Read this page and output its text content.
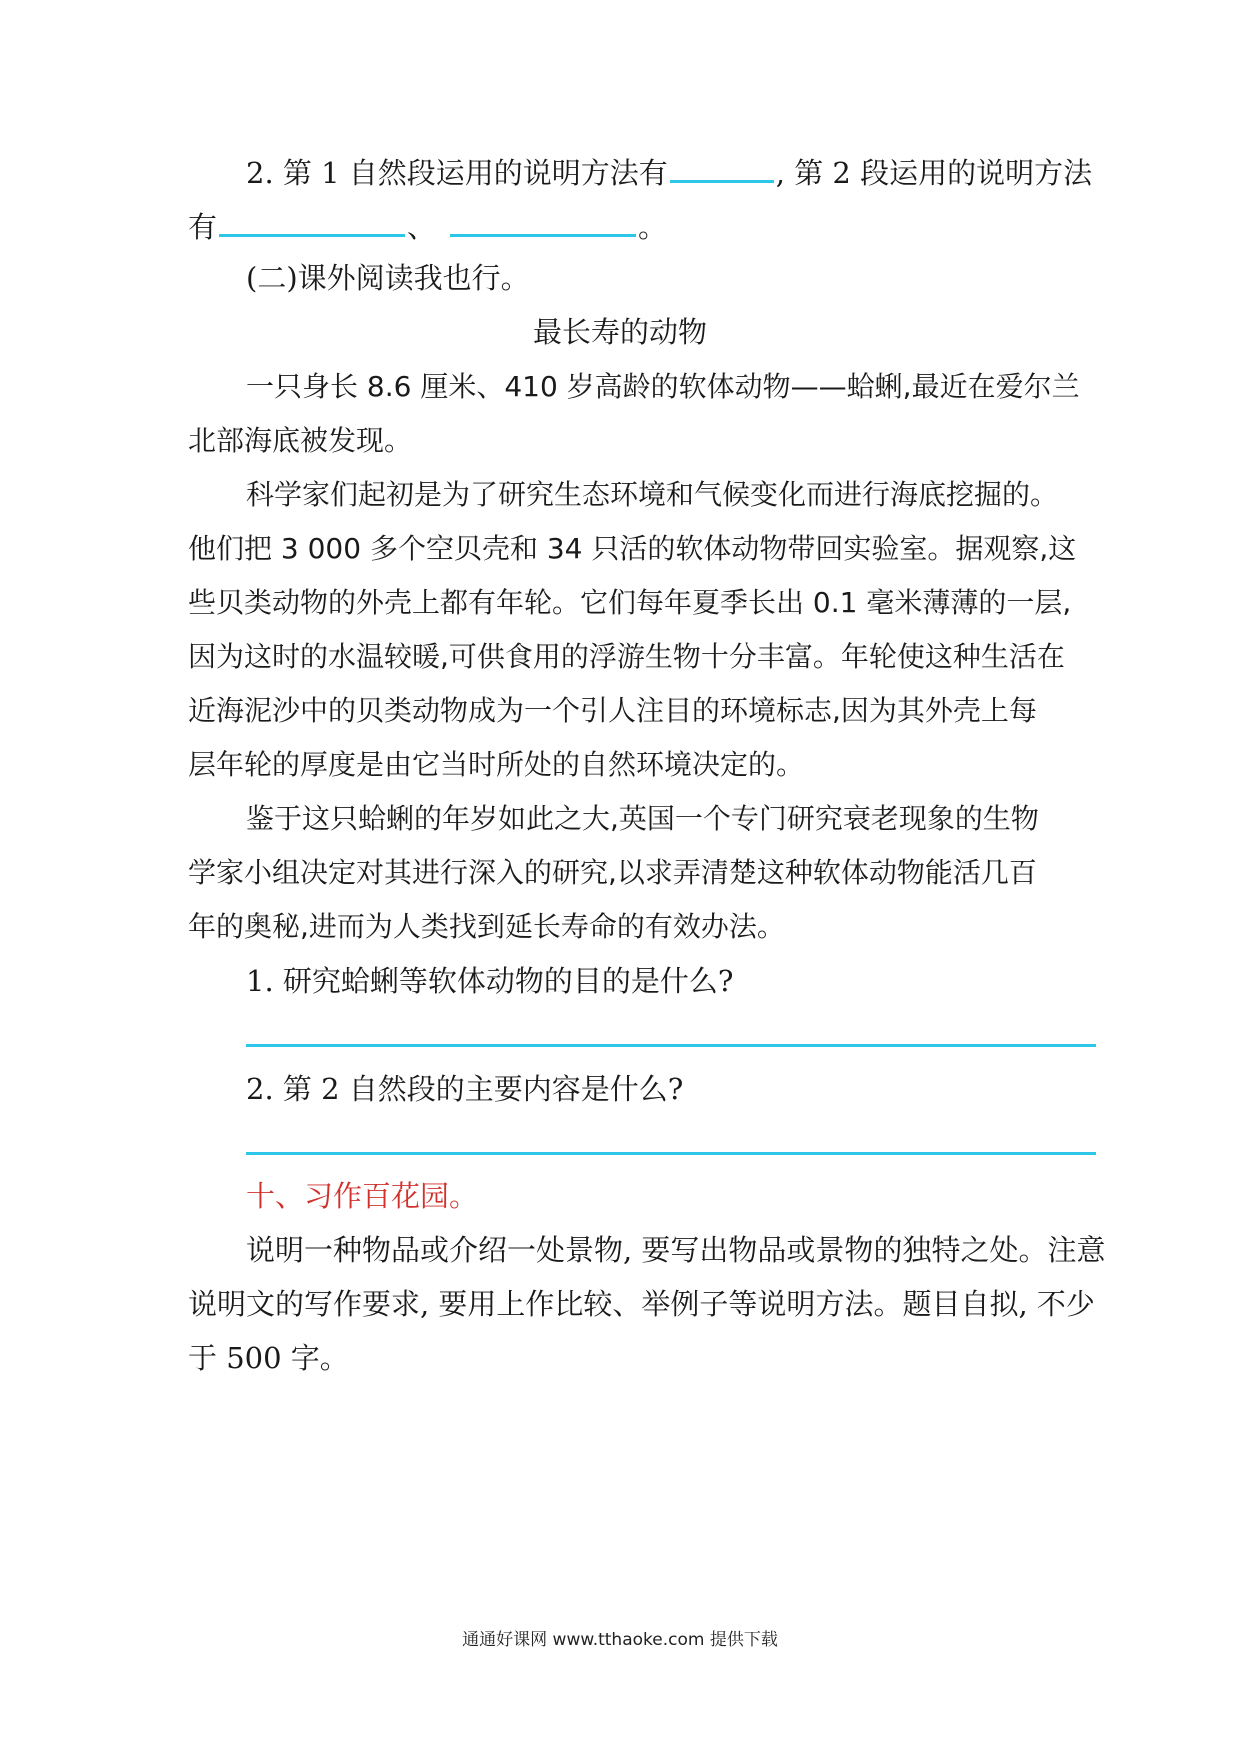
2. 第 1 自然段运用的说明方法有	, 第 2 段运用的说明方法
有	、	。
(二)课外阅读我也行。
最长寿的动物
一只身长 8.6 厘米、410 岁高龄的软体动物——蛤蜊,最近在爱尔兰
北部海底被发现。
科学家们起初是为了研究生态环境和气候变化而进行海底挖掘的。
他们把 3 000 多个空贝壳和 34 只活的软体动物带回实验室。据观察,这
些贝类动物的外壳上都有年轮。它们每年夏季长出 0.1 毫米薄薄的一层,
因为这时的水温较暖,可供食用的浮游生物十分丰富。年轮使这种生活在
近海泥沙中的贝类动物成为一个引人注目的环境标志,因为其外壳上每
层年轮的厚度是由它当时所处的自然环境决定的。
鉴于这只蛤蜊的年岁如此之大,英国一个专门研究衰老现象的生物
学家小组决定对其进行深入的研究,以求弄清楚这种软体动物能活几百
年的奥秘,进而为人类找到延长寿命的有效办法。
1. 研究蛤蜊等软体动物的目的是什么?
2. 第 2 自然段的主要内容是什么?
十、习作百花园。
说明一种物品或介绍一处景物, 要写出物品或景物的独特之处。注意
说明文的写作要求, 要用上作比较、举例子等说明方法。题目自拟, 不少
于 500 字。
通通好课网 www.tthaoke.com 提供下载
